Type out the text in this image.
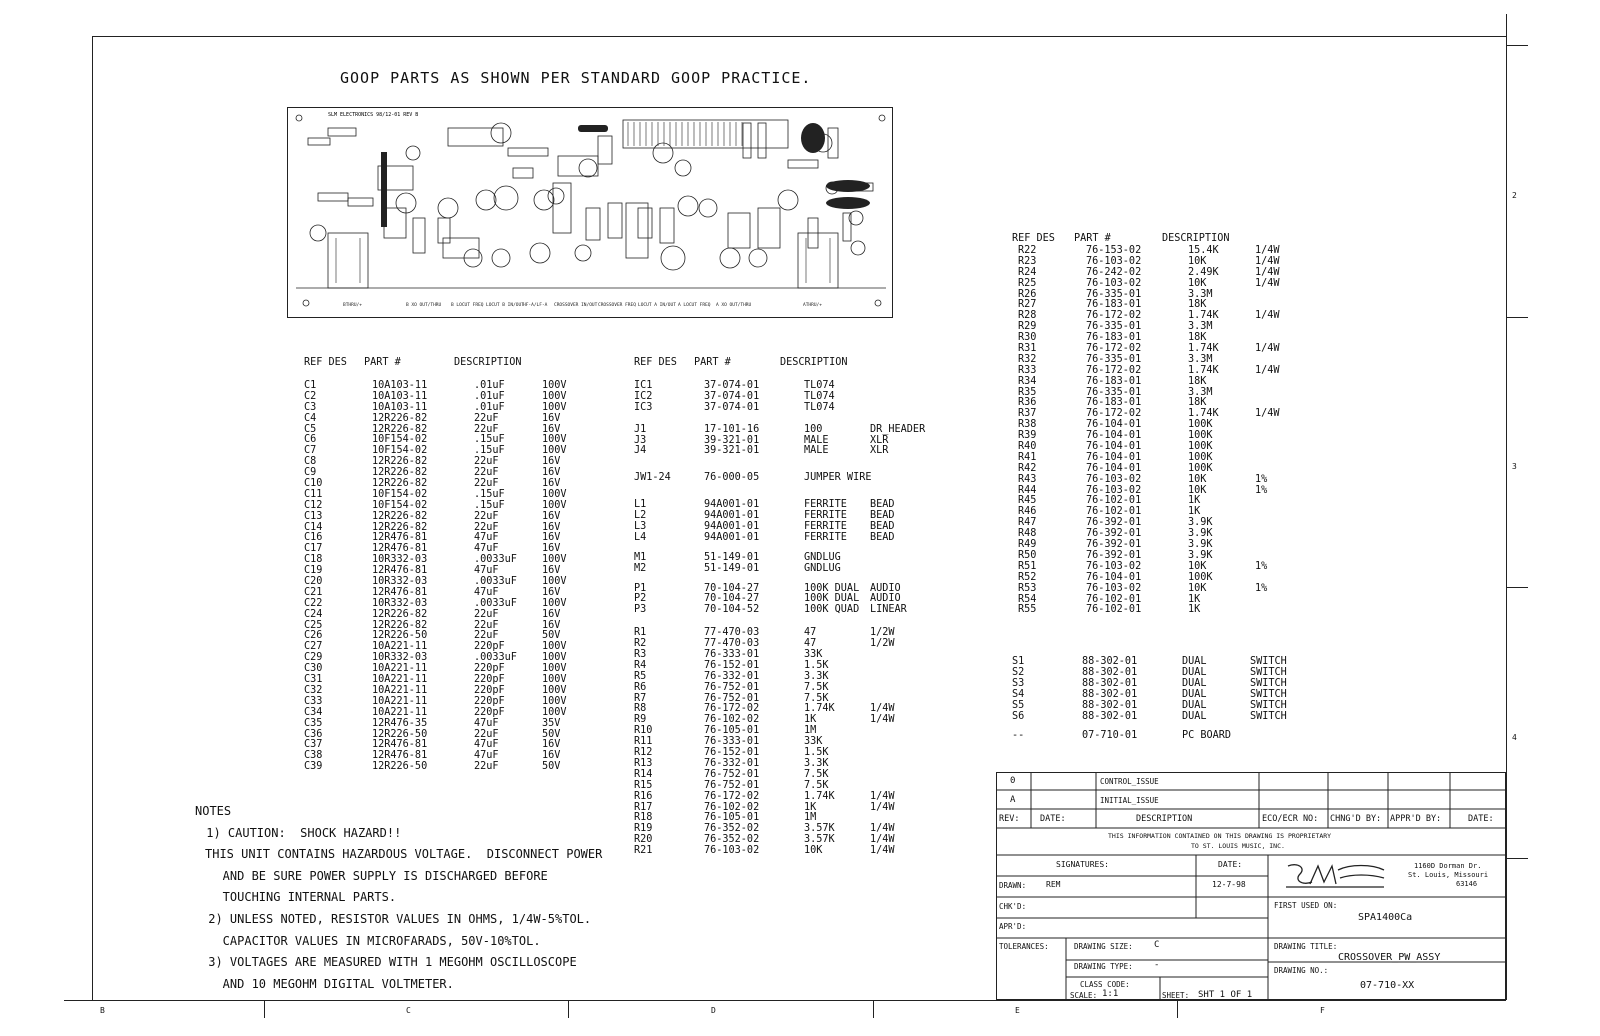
B	C	D	E	F
2
3
4
GOOP PARTS AS SHOWN PER STANDARD GOOP PRACTICE.
SLM ELECTRONICS 98/12-01 REV B
BTHRU/+	B XO OUT/THRU B LOCUT FREQ LOCUT B IN/OUT HF-A/LF-A CROSSOVER IN/OUT CROSSOVER FREQ LOCUT A IN/OUT A LOCUT FREQ A XO OUT/THRU	ATHRU/+
REF DES PART #	DESCRIPTION
C1	10A103-11	.01uF	100V
C2	10A103-11	.01uF	100V
C3	10A103-11	.01uF	100V
C4	12R226-82	22uF	16V
C5	12R226-82	22uF	16V
C6	10F154-02	.15uF	100V
C7	10F154-02	.15uF	100V
C8	12R226-82	22uF	16V
C9	12R226-82	22uF	16V
C10	12R226-82	22uF	16V
C11	10F154-02	.15uF	100V
C12	10F154-02	.15uF	100V
C13	12R226-82	22uF	16V
C14	12R226-82	22uF	16V
C16	12R476-81	47uF	16V
C17	12R476-81	47uF	16V
C18	10R332-03	.0033uF 100V
C19	12R476-81	47uF	16V
C20	10R332-03	.0033uF 100V
C21	12R476-81	47uF	16V
C22	10R332-03	.0033uF 100V
C24	12R226-82	22uF	16V
C25	12R226-82	22uF	16V
C26	12R226-50	22uF	50V
C27	10A221-11	220pF	100V
C29	10R332-03	.0033uF 100V
C30	10A221-11	220pF	100V
C31	10A221-11	220pF	100V
C32	10A221-11	220pF	100V
C33	10A221-11	220pF	100V
C34	10A221-11	220pF	100V
C35	12R476-35	47uF	35V
C36	12R226-50	22uF	50V
C37	12R476-81	47uF	16V
C38	12R476-81	47uF	16V
C39	12R226-50	22uF	50V
REF DES PART #	DESCRIPTION
IC1	37-074-01	TL074
IC2	37-074-01	TL074
IC3	37-074-01	TL074
J1	17-101-16	100	DR_HEADER
J3	39-321-01	MALE	XLR
J4	39-321-01	MALE	XLR
JW1-24	76-000-05	JUMPER WIRE
L1	94A001-01	FERRITE BEAD
L2	94A001-01	FERRITE BEAD
L3	94A001-01	FERRITE BEAD
L4	94A001-01	FERRITE BEAD
M1	51-149-01	GNDLUG
M2	51-149-01	GNDLUG
P1	70-104-27	100K DUAL AUDIO
P2	70-104-27	100K DUAL AUDIO
P3	70-104-52	100K QUAD LINEAR
R1	77-470-03	47	1/2W
R2	77-470-03	47	1/2W
R3	76-333-01	33K
R4	76-152-01	1.5K
R5	76-332-01	3.3K
R6	76-752-01	7.5K
R7	76-752-01	7.5K
R8	76-172-02	1.74K	1/4W
R9	76-102-02	1K	1/4W
R10	76-105-01	1M
R11	76-333-01	33K
R12	76-152-01	1.5K
R13	76-332-01	3.3K
R14	76-752-01	7.5K
R15	76-752-01	7.5K
R16	76-172-02	1.74K	1/4W
R17	76-102-02	1K	1/4W
R18	76-105-01	1M
R19	76-352-02	3.57K	1/4W
R20	76-352-02	3.57K	1/4W
R21	76-103-02	10K	1/4W
REF DES PART #	DESCRIPTION
R22	76-153-02	15.4K	1/4W
R23	76-103-02	10K	1/4W
R24	76-242-02	2.49K	1/4W
R25	76-103-02	10K	1/4W
R26	76-335-01	3.3M
R27	76-183-01	18K
R28	76-172-02	1.74K	1/4W
R29	76-335-01	3.3M
R30	76-183-01	18K
R31	76-172-02	1.74K	1/4W
R32	76-335-01	3.3M
R33	76-172-02	1.74K	1/4W
R34	76-183-01	18K
R35	76-335-01	3.3M
R36	76-183-01	18K
R37	76-172-02	1.74K	1/4W
R38	76-104-01	100K
R39	76-104-01	100K
R40	76-104-01	100K
R41	76-104-01	100K
R42	76-104-01	100K
R43	76-103-02	10K	1%
R44	76-103-02	10K	1%
R45	76-102-01	1K
R46	76-102-01	1K
R47	76-392-01	3.9K
R48	76-392-01	3.9K
R49	76-392-01	3.9K
R50	76-392-01	3.9K
R51	76-103-02	10K	1%
R52	76-104-01	100K
R53	76-103-02	10K	1%
R54	76-102-01	1K
R55	76-102-01	1K
S1	88-302-01	DUAL	SWITCH
S2	88-302-01	DUAL	SWITCH
S3	88-302-01	DUAL	SWITCH
S4	88-302-01	DUAL	SWITCH
S5	88-302-01	DUAL	SWITCH
S6	88-302-01	DUAL	SWITCH
--	07-710-01	PC BOARD
NOTES
1) CAUTION:  SHOCK HAZARD!!
THIS UNIT CONTAINS HAZARDOUS VOLTAGE.  DISCONNECT POWER
AND BE SURE POWER SUPPLY IS DISCHARGED BEFORE
TOUCHING INTERNAL PARTS.
2) UNLESS NOTED, RESISTOR VALUES IN OHMS, 1/4W-5%TOL.
CAPACITOR VALUES IN MICROFARADS, 50V-10%TOL.
3) VOLTAGES ARE MEASURED WITH 1 MEGOHM OSCILLOSCOPE
AND 10 MEGOHM DIGITAL VOLTMETER.
0	CONTROL_ISSUE
A	INITIAL_ISSUE
REV: DATE:	DESCRIPTION	ECO/ECR NO: CHNG'D BY: APPR'D BY:	DATE:
THIS INFORMATION CONTAINED ON THIS DRAWING IS PROPRIETARY
TO ST. LOUIS MUSIC, INC.
SIGNATURES:	DATE:
DRAWN: REM	12-7-98
CHK'D:
APR'D:
1160D Dorman Dr.
St. Louis, Missouri
63146
FIRST USED ON:
SPA1400Ca
TOLERANCES:	DRAWING SIZE: C
DRAWING TYPE: -
CLASS CODE:
SCALE: 1:1	SHEET: SHT 1 OF 1
DRAWING TITLE:
CROSSOVER_PW_ASSY
DRAWING NO.:
07-710-XX
